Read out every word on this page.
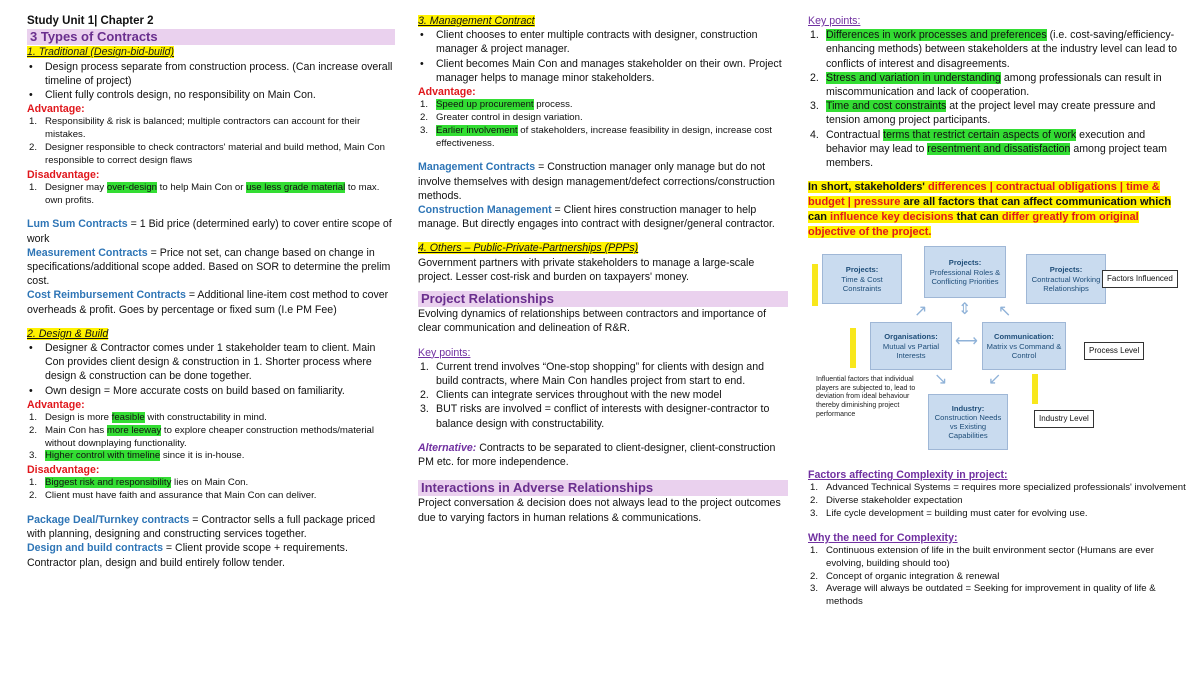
Study Unit 1| Chapter 2
3 Types of Contracts
1. Traditional (Design-bid-build)
• Design process separate from construction process. (Can increase overall timeline of project)
• Client fully controls design, no responsibility on Main Con.
Advantage:
1. Responsibility & risk is balanced; multiple contractors can account for their mistakes.
2. Designer responsible to check contractors' material and build method, Main Con responsible to correct design flaws
Disadvantage:
1. Designer may over-design to help Main Con or use less grade material to max. own profits.
Lum Sum Contracts = 1 Bid price (determined early) to cover entire scope of work
Measurement Contracts = Price not set, can change based on change in specifications/additional scope added. Based on SOR to determine the prelim cost.
Cost Reimbursement Contracts = Additional line-item cost method to cover overheads & profit. Goes by percentage or fixed sum (I.e PM Fee)
2. Design & Build
• Designer & Contractor comes under 1 stakeholder team to client. Main Con provides client design & construction in 1. Shorter process where design & construction can be done together.
• Own design = More accurate costs on build based on familiarity.
Advantage:
1. Design is more feasible with constructability in mind.
2. Main Con has more leeway to explore cheaper construction methods/material without downplaying functionality.
3. Higher control with timeline since it is in-house.
Disadvantage:
1. Biggest risk and responsibility lies on Main Con.
2. Client must have faith and assurance that Main Con can deliver.
Package Deal/Turnkey contracts = Contractor sells a full package priced with planning, designing and constructing services together.
Design and build contracts = Client provide scope + requirements. Contractor plan, design and build entirely follow tender.
3. Management Contract
• Client chooses to enter multiple contracts with designer, construction manager & project manager.
• Client becomes Main Con and manages stakeholder on their own. Project manager helps to manage minor stakeholders.
Advantage:
1. Speed up procurement process.
2. Greater control in design variation.
3. Earlier involvement of stakeholders, increase feasibility in design, increase cost effectiveness.
Management Contracts = Construction manager only manage but do not involve themselves with design management/defect corrections/construction methods.
Construction Management = Client hires construction manager to help manage. But directly engages into contract with designer/general contractor.
4. Others – Public-Private-Partnerships (PPPs)
Government partners with private stakeholders to manage a large-scale project. Lesser cost-risk and burden on taxpayers' money.
Project Relationships
Evolving dynamics of relationships between contractors and importance of clear communication and delineation of R&R.
Key points:
1. Current trend involves “One-stop shopping” for clients with design and build contracts, where Main Con handles project from start to end.
2. Clients can integrate services throughout with the new model
3. BUT risks are involved = conflict of interests with designer-contractor to balance design with constructability.
Alternative: Contracts to be separated to client-designer, client-construction PM etc. for more independence.
Interactions in Adverse Relationships
Project conversation & decision does not always lead to the project outcomes due to varying factors in human relations & communications.
Key points:
1. Differences in work processes and preferences (i.e. cost-saving/efficiency-enhancing methods) between stakeholders at the industry level can lead to conflicts of interest and disagreements.
2. Stress and variation in understanding among professionals can result in miscommunication and lack of cooperation.
3. Time and cost constraints at the project level may create pressure and tension among project participants.
4. Contractual terms that restrict certain aspects of work execution and behavior may lead to resentment and dissatisfaction among project team members.
In short, stakeholders' differences | contractual obligations | time & budget | pressure are all factors that can affect communication which can influence key decisions that can differ greatly from original objective of the project.
Projects:
Time & Cost Constraints
Projects:
Professional Roles & Conflicting Priorities
Projects:
Contractual Working Relationships
Factors Influenced
↗ ⇕ ↖
Organisations:
Mutual vs Partial Interests
Communication:
Matrix vs Command & Control
⟷
Process Level
↘	↙
Industry:
Construction Needs vs Existing Capabilities
Industry Level
Influential factors that individual players are subjected to, lead to deviation from ideal behaviour thereby diminishing project performance
Factors affecting Complexity in project:
1. Advanced Technical Systems = requires more specialized professionals' involvement
2. Diverse stakeholder expectation
3. Life cycle development = building must cater for evolving use.
Why the need for Complexity:
1. Continuous extension of life in the built environment sector (Humans are ever evolving, building should too)
2. Concept of organic integration & renewal
3. Average will always be outdated = Seeking for improvement in quality of life & methods
